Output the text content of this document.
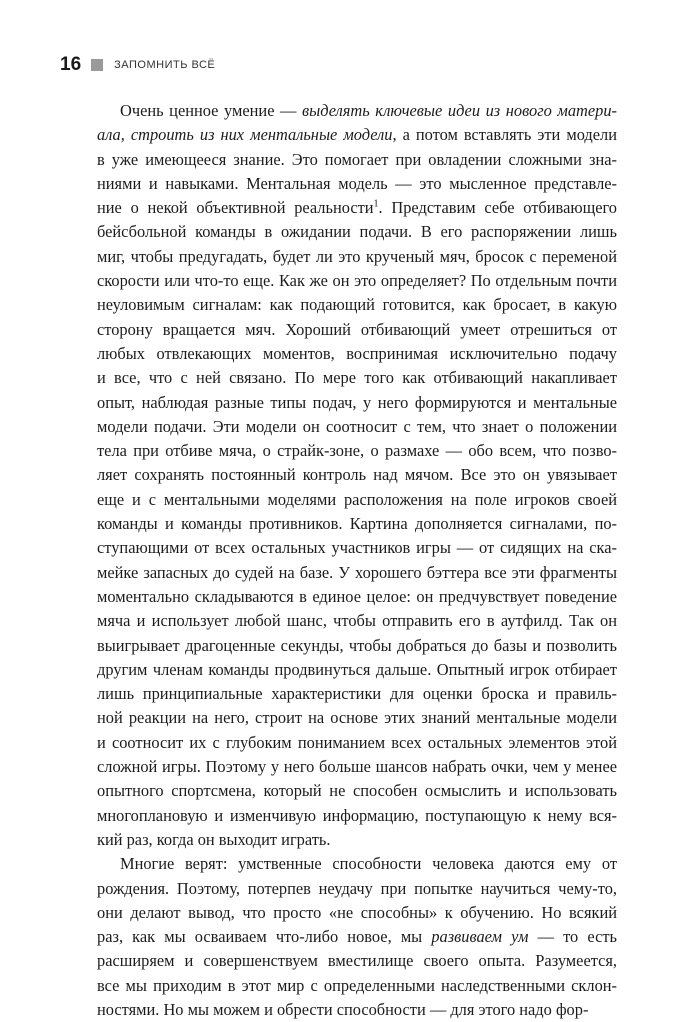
16	ЗАПОМНИТЬ ВСЁ
Очень ценное умение — выделять ключевые идеи из нового матери-
ала, строить из них ментальные модели, а потом вставлять эти модели
в уже имеющееся знание. Это помогает при овладении сложными зна-
ниями и навыками. Ментальная модель — это мысленное представле-
ние о некой объективной реальности$^1$. Представим себе отбивающего
бейсбольной команды в ожидании подачи. В его распоряжении лишь
миг, чтобы предугадать, будет ли это крученый мяч, бросок с переменой
скорости или что-то еще. Как же он это определяет? По отдельным почти
неуловимым сигналам: как подающий готовится, как бросает, в какую
сторону вращается мяч. Хороший отбивающий умеет отрешиться от
любых отвлекающих моментов, воспринимая исключительно подачу
и все, что с ней связано. По мере того как отбивающий накапливает
опыт, наблюдая разные типы подач, у него формируются и ментальные
модели подачи. Эти модели он соотносит с тем, что знает о положении
тела при отбиве мяча, о страйк-зоне, о размахе — обо всем, что позво-
ляет сохранять постоянный контроль над мячом. Все это он увязывает
еще и с ментальными моделями расположения на поле игроков своей
команды и команды противников. Картина дополняется сигналами, по-
ступающими от всех остальных участников игры — от сидящих на ска-
мейке запасных до судей на базе. У хорошего бэттера все эти фрагменты
моментально складываются в единое целое: он предчувствует поведение
мяча и использует любой шанс, чтобы отправить его в аутфилд. Так он
выигрывает драгоценные секунды, чтобы добраться до базы и позволить
другим членам команды продвинуться дальше. Опытный игрок отбирает
лишь принципиальные характеристики для оценки броска и правиль-
ной реакции на него, строит на основе этих знаний ментальные модели
и соотносит их с глубоким пониманием всех остальных элементов этой
сложной игры. Поэтому у него больше шансов набрать очки, чем у менее
опытного спортсмена, который не способен осмыслить и использовать
многоплановую и изменчивую информацию, поступающую к нему вся-
кий раз, когда он выходит играть.
Многие верят: умственные способности человека даются ему от
рождения. Поэтому, потерпев неудачу при попытке научиться чему-то,
они делают вывод, что просто «не способны» к обучению. Но всякий
раз, как мы осваиваем что-либо новое, мы развиваем ум — то есть
расширяем и совершенствуем вместилище своего опыта. Разумеется,
все мы приходим в этот мир с определенными наследственными склон-
ностями. Но мы можем и обрести способности — для этого надо фор-
